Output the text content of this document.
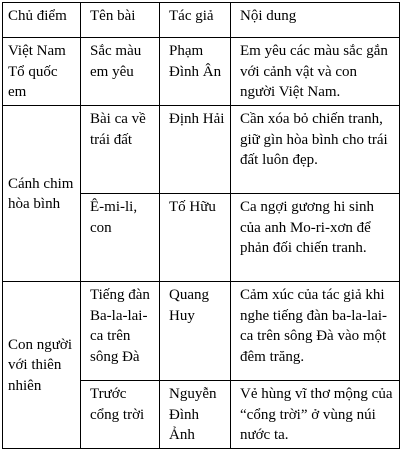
Chủ điểm	Tên bài	Tác giả	Nội dung
Việt Nam Tổ quốc em	Sắc màu em yêu	Phạm Đình Ân	Em yêu các màu sắc gắn với cảnh vật và con người Việt Nam.
Cánh chim hòa bình	Bài ca về trái đất	Định Hải	Cần xóa bỏ chiến tranh, giữ gìn hòa bình cho trái đất luôn đẹp.
	Ê-mi-li, con	Tố Hữu	Ca ngợi gương hi sinh của anh Mo-ri-xơn để phản đối chiến tranh.
Con người với thiên nhiên	Tiếng đàn Ba-la-lai-ca trên sông Đà	Quang Huy	Cảm xúc của tác giả khi nghe tiếng đàn ba-la-lai-ca trên sông Đà vào một đêm trăng.
	Trước cổng trời	Nguyễn Đình Ảnh	Vẻ hùng vĩ thơ mộng của “cổng trời” ở vùng núi nước ta.
